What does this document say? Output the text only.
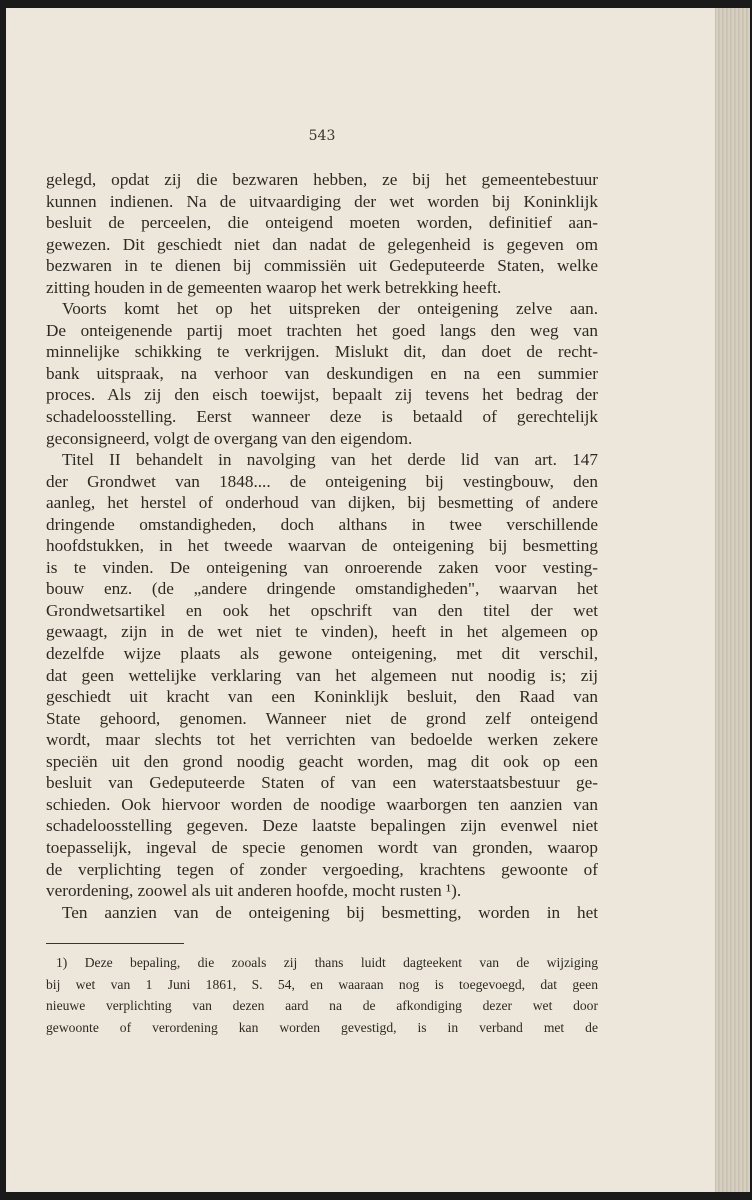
543

gelegd, opdat zij die bezwaren hebben, ze bij het gemeentebestuur

kunnen indienen. Na de uitvaardiging der wet worden bij Koninklijk

besluit de perceelen, die onteigend moeten worden, definitief aan-

gewezen. Dit geschiedt niet dan nadat de gelegenheid is gegeven om

bezwaren in te dienen bij commissiën uit Gedeputeerde Staten, welke

zitting houden in de gemeenten waarop het werk betrekking heeft.

Voorts komt het op het uitspreken der onteigening zelve aan.

De onteigenende partij moet trachten het goed langs den weg van

minnelijke schikking te verkrijgen. Mislukt dit, dan doet de recht-

bank uitspraak, na verhoor van deskundigen en na een summier

proces. Als zij den eisch toewijst, bepaalt zij tevens het bedrag der

schadeloosstelling. Eerst wanneer deze is betaald of gerechtelijk

geconsigneerd, volgt de overgang van den eigendom.

Titel II behandelt in navolging van het derde lid van art. 147

der Grondwet van 1848.... de onteigening bij vestingbouw, den

aanleg, het herstel of onderhoud van dijken, bij besmetting of andere

dringende omstandigheden, doch althans in twee verschillende

hoofdstukken, in het tweede waarvan de onteigening bij besmetting

is te vinden. De onteigening van onroerende zaken voor vesting-

bouw enz. (de „andere dringende omstandigheden", waarvan het

Grondwetsartikel en ook het opschrift van den titel der wet

gewaagt, zijn in de wet niet te vinden), heeft in het algemeen op

dezelfde wijze plaats als gewone onteigening, met dit verschil,

dat geen wettelijke verklaring van het algemeen nut noodig is; zij

geschiedt uit kracht van een Koninklijk besluit, den Raad van

State gehoord, genomen. Wanneer niet de grond zelf onteigend

wordt, maar slechts tot het verrichten van bedoelde werken zekere

speciën uit den grond noodig geacht worden, mag dit ook op een

besluit van Gedeputeerde Staten of van een waterstaatsbestuur ge-

schieden. Ook hiervoor worden de noodige waarborgen ten aanzien van

schadeloosstelling gegeven. Deze laatste bepalingen zijn evenwel niet

toepasselijk, ingeval de specie genomen wordt van gronden, waarop

de verplichting tegen of zonder vergoeding, krachtens gewoonte of

verordening, zoowel als uit anderen hoofde, mocht rusten ¹).

Ten aanzien van de onteigening bij besmetting, worden in het

1) Deze bepaling, die zooals zij thans luidt dagteekent van de wijziging

bij wet van 1 Juni 1861, S. 54, en waaraan nog is toegevoegd, dat geen

nieuwe verplichting van dezen aard na de afkondiging dezer wet door

gewoonte of verordening kan worden gevestigd, is in verband met de
